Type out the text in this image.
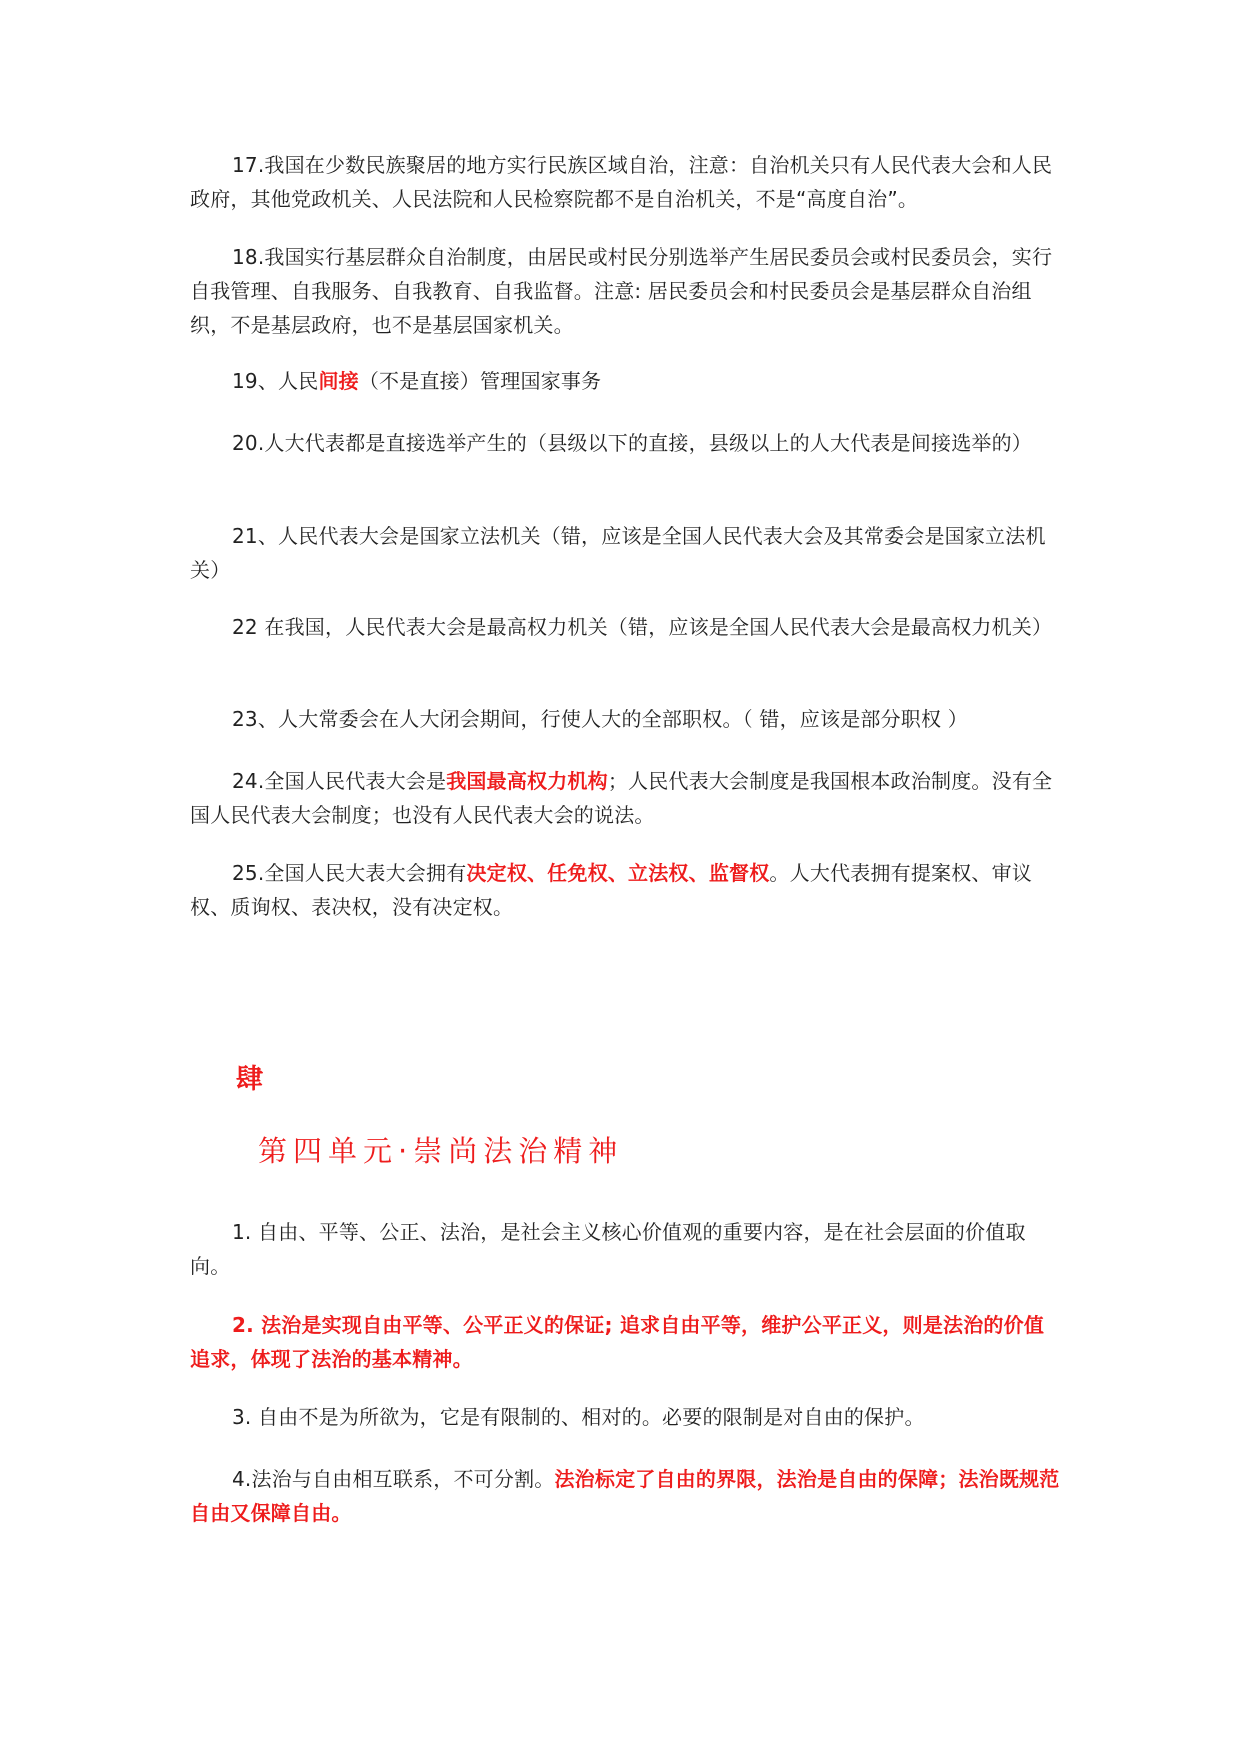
17.我国在少数民族聚居的地方实行民族区域自治，注意：自治机关只有人民代表大会和人民政府，其他党政机关、人民法院和人民检察院都不是自治机关，不是“高度自治”。

18.我国实行基层群众自治制度，由居民或村民分别选举产生居民委员会或村民委员会，实行自我管理、自我服务、自我教育、自我监督。注意: 居民委员会和村民委员会是基层群众自治组织，不是基层政府，也不是基层国家机关。

19、人民间接（不是直接）管理国家事务

20.人大代表都是直接选举产生的（县级以下的直接，县级以上的人大代表是间接选举的）

21、人民代表大会是国家立法机关（错，应该是全国人民代表大会及其常委会是国家立法机关）

22 在我国，人民代表大会是最高权力机关（错，应该是全国人民代表大会是最高权力机关）

23、人大常委会在人大闭会期间，行使人大的全部职权。（ 错，应该是部分职权 ）

24.全国人民代表大会是我国最高权力机构；人民代表大会制度是我国根本政治制度。没有全国人民代表大会制度；也没有人民代表大会的说法。

25.全国人民大表大会拥有决定权、任免权、立法权、监督权。人大代表拥有提案权、审议权、质询权、表决权，没有决定权。

肆

第四单元·崇尚法治精神

1. 自由、平等、公正、法治，是社会主义核心价值观的重要内容，是在社会层面的价值取向。

2. 法治是实现自由平等、公平正义的保证; 追求自由平等，维护公平正义，则是法治的价值追求，体现了法治的基本精神。

3. 自由不是为所欲为，它是有限制的、相对的。必要的限制是对自由的保护。

4.法治与自由相互联系，不可分割。法治标定了自由的界限，法治是自由的保障；法治既规范自由又保障自由。
